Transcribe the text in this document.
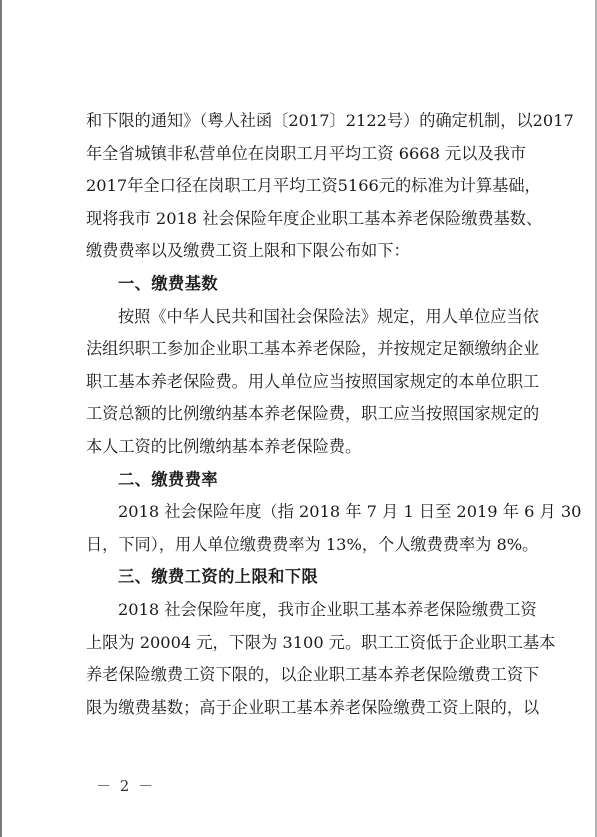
和下限的通知》（粤人社函〔2017〕2122号）的确定机制，以2017
年全省城镇非私营单位在岗职工月平均工资 6668 元以及我市
2017年全口径在岗职工月平均工资5166元的标准为计算基础，
现将我市 2018 社会保险年度企业职工基本养老保险缴费基数、
缴费费率以及缴费工资上限和下限公布如下：
一、缴费基数
按照《中华人民共和国社会保险法》规定，用人单位应当依
法组织职工参加企业职工基本养老保险，并按规定足额缴纳企业
职工基本养老保险费。用人单位应当按照国家规定的本单位职工
工资总额的比例缴纳基本养老保险费，职工应当按照国家规定的
本人工资的比例缴纳基本养老保险费。
二、缴费费率
2018 社会保险年度（指 2018 年 7 月 1 日至 2019 年 6 月 30
日，下同），用人单位缴费费率为 13%，个人缴费费率为 8%。
三、缴费工资的上限和下限
2018 社会保险年度，我市企业职工基本养老保险缴费工资
上限为 20004 元，下限为 3100 元。职工工资低于企业职工基本
养老保险缴费工资下限的，以企业职工基本养老保险缴费工资下
限为缴费基数；高于企业职工基本养老保险缴费工资上限的，以
－ 2 －
